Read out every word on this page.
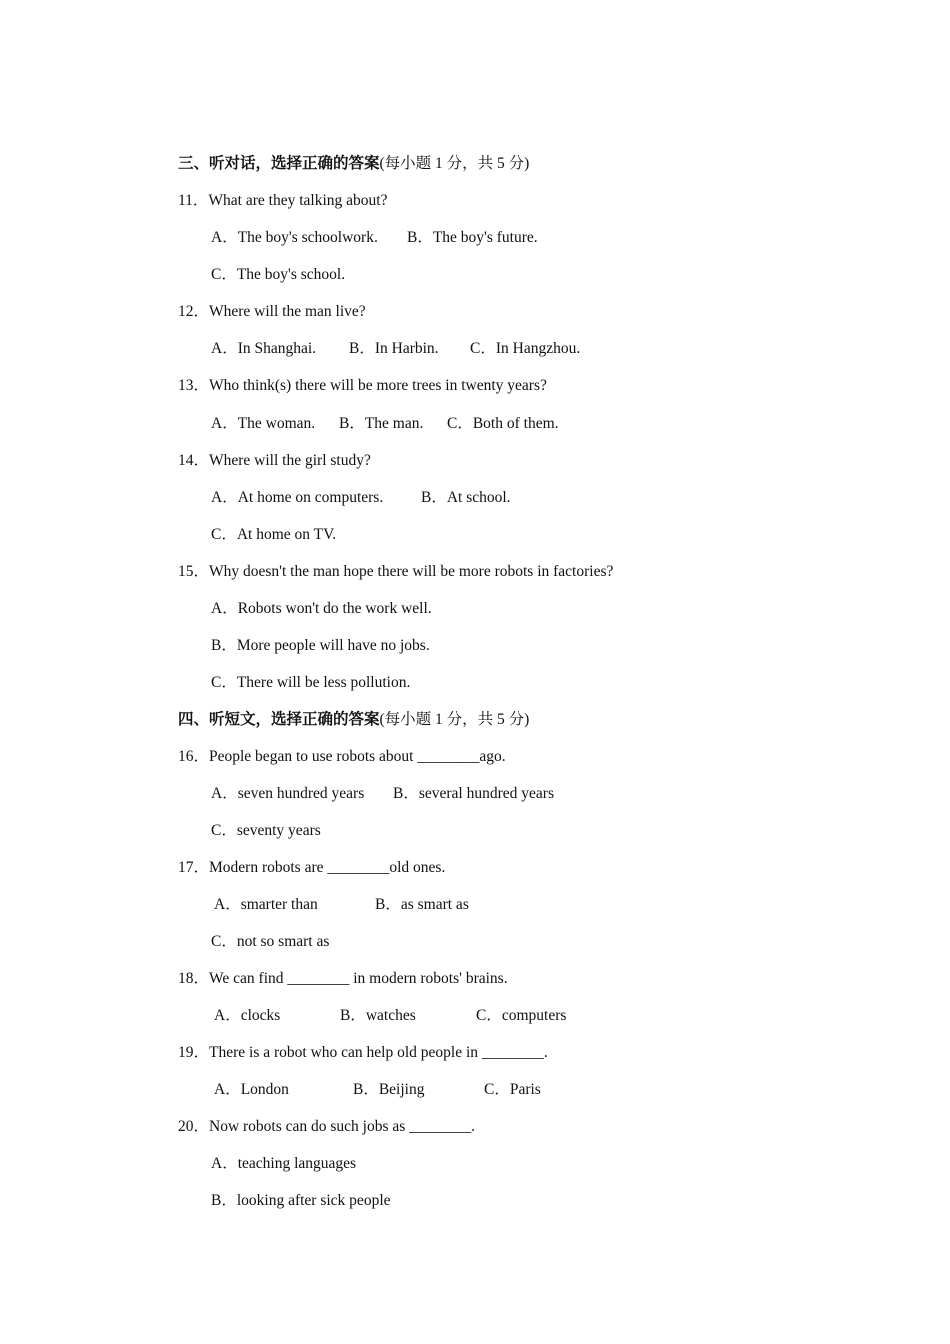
三、听对话，选择正确的答案(每小题 1 分，共 5 分)
11．What are they talking about?
A．The boy's schoolwork. B．The boy's future.
C．The boy's school.
12．Where will the man live?
A．In Shanghai. B．In Harbin. C．In Hangzhou.
13．Who think(s) there will be more trees in twenty years?
A．The woman. B．The man. C．Both of them.
14．Where will the girl study?
A．At home on computers. B．At school.
C．At home on TV.
15．Why doesn't the man hope there will be more robots in factories?
A．Robots won't do the work well.
B．More people will have no jobs.
C．There will be less pollution.
四、听短文，选择正确的答案(每小题 1 分，共 5 分)
16．People began to use robots about ________ago.
A．seven hundred years B．several hundred years
C．seventy years
17．Modern robots are ________old ones.
A．smarter than	B．as smart as
C．not so smart as
18．We can find ________ in modern robots' brains.
A．clocks	B．watches	C．computers
19．There is a robot who can help old people in ________.
A．London	B．Beijing	C．Paris
20．Now robots can do such jobs as ________.
A．teaching languages
B．looking after sick people
